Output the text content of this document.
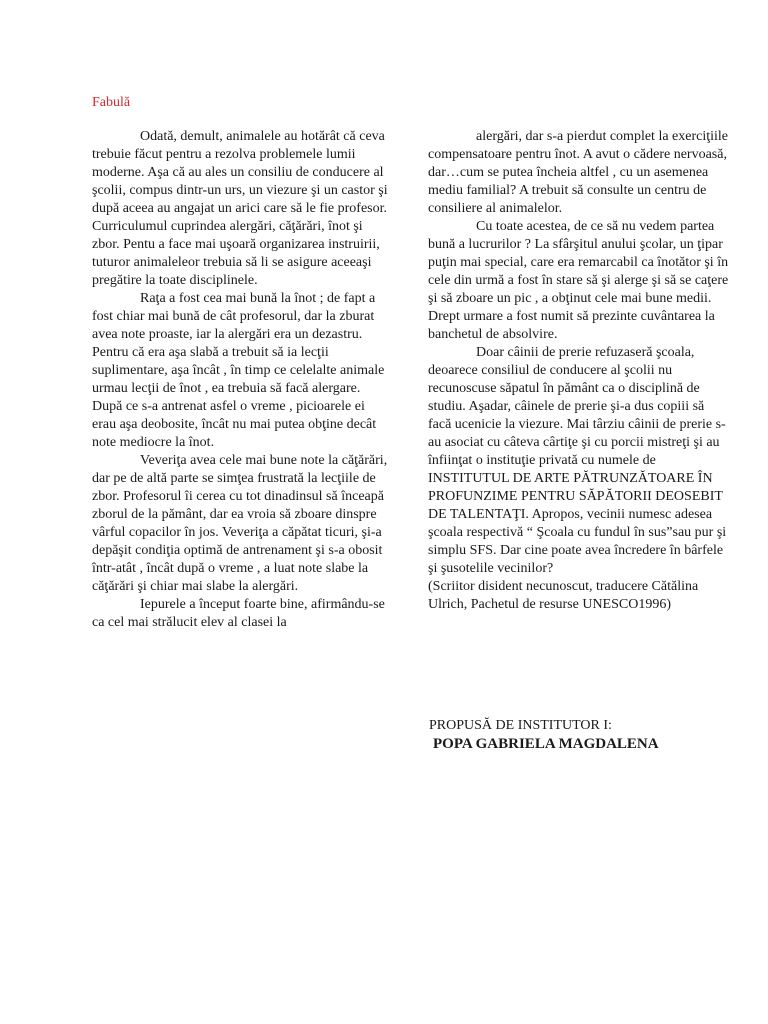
Fabulă

Odată, demult, animalele au hotărât că ceva trebuie făcut pentru a rezolva problemele lumii moderne. Aşa că au ales un consiliu de conducere al şcolii, compus dintr-un urs, un viezure şi un castor şi după aceea au angajat un arici care să le fie profesor. Curriculumul cuprindea alergări, căţărări, înot şi zbor. Pentu a face mai uşoară organizarea instruirii, tuturor animaleleor trebuia să li se asigure aceeaşi pregătire la toate disciplinele.

Raţa a fost cea mai bună la înot ; de fapt a fost chiar mai bună de cât profesorul, dar la zburat avea note proaste, iar la alergări era un dezastru. Pentru că era aşa slabă a trebuit să ia lecţii suplimentare, aşa încât , în timp ce celelalte animale urmau lecţii de înot , ea trebuia să facă alergare. După ce s-a antrenat asfel o vreme , picioarele ei erau aşa deobosite, încât nu mai putea obţine decât note mediocre la înot.

Veveriţa avea cele mai bune note la căţărări, dar pe de altă parte se simţea frustrată la lecţiile de zbor. Profesorul îi cerea cu tot dinadinsul să înceapă zborul de la pământ, dar ea vroia să zboare dinspre vârful copacilor în jos. Veveriţa a căpătat ticuri, şi-a depăşit condiţia optimă de antrenament şi s-a obosit într-atât , încât după o vreme , a luat note slabe la căţărări şi chiar mai slabe la alergări.

Iepurele a început foarte bine, afirmându-se ca cel mai strălucit elev al clasei la

alergări, dar s-a pierdut complet la exerciţiile compensatoare pentru înot. A avut o cădere nervoasă, dar…cum se putea încheia altfel , cu un asemenea mediu familial? A trebuit să consulte un centru de consiliere al animalelor.

Cu toate acestea, de ce să nu vedem partea bună a lucrurilor ? La sfârşitul anului şcolar, un ţipar puţin mai special, care era remarcabil ca înotător şi în cele din urmă a fost în stare să şi alerge şi să se caţere şi să zboare un pic , a obţinut cele mai bune medii. Drept urmare a fost numit să prezinte cuvântarea la banchetul de absolvire.

Doar câinii de prerie refuzaseră şcoala, deoarece consiliul de conducere al şcolii nu recunoscuse săpatul în pământ ca o disciplină de studiu. Aşadar, câinele de prerie şi-a dus copiii să facă ucenicie la viezure. Mai târziu câinii de prerie s-au asociat cu câteva cârtiţe şi cu porcii mistreţi şi au înfiinţat o instituţie privată cu numele de INSTITUTUL DE ARTE PĂTRUNZĂTOARE ÎN PROFUNZIME PENTRU SĂPĂTORII DEOSEBIT DE TALENTAŢI. Apropos, vecinii numesc adesea şcoala respectivă “ Şcoala cu fundul în sus”sau pur şi simplu SFS. Dar cine poate avea încredere în bârfele şi şusotelile vecinilor?

(Scriitor disident necunoscut, traducere Cătălina Ulrich, Pachetul de resurse UNESCO1996)

PROPUSĂ DE INSTITUTOR I:
POPA GABRIELA MAGDALENA
